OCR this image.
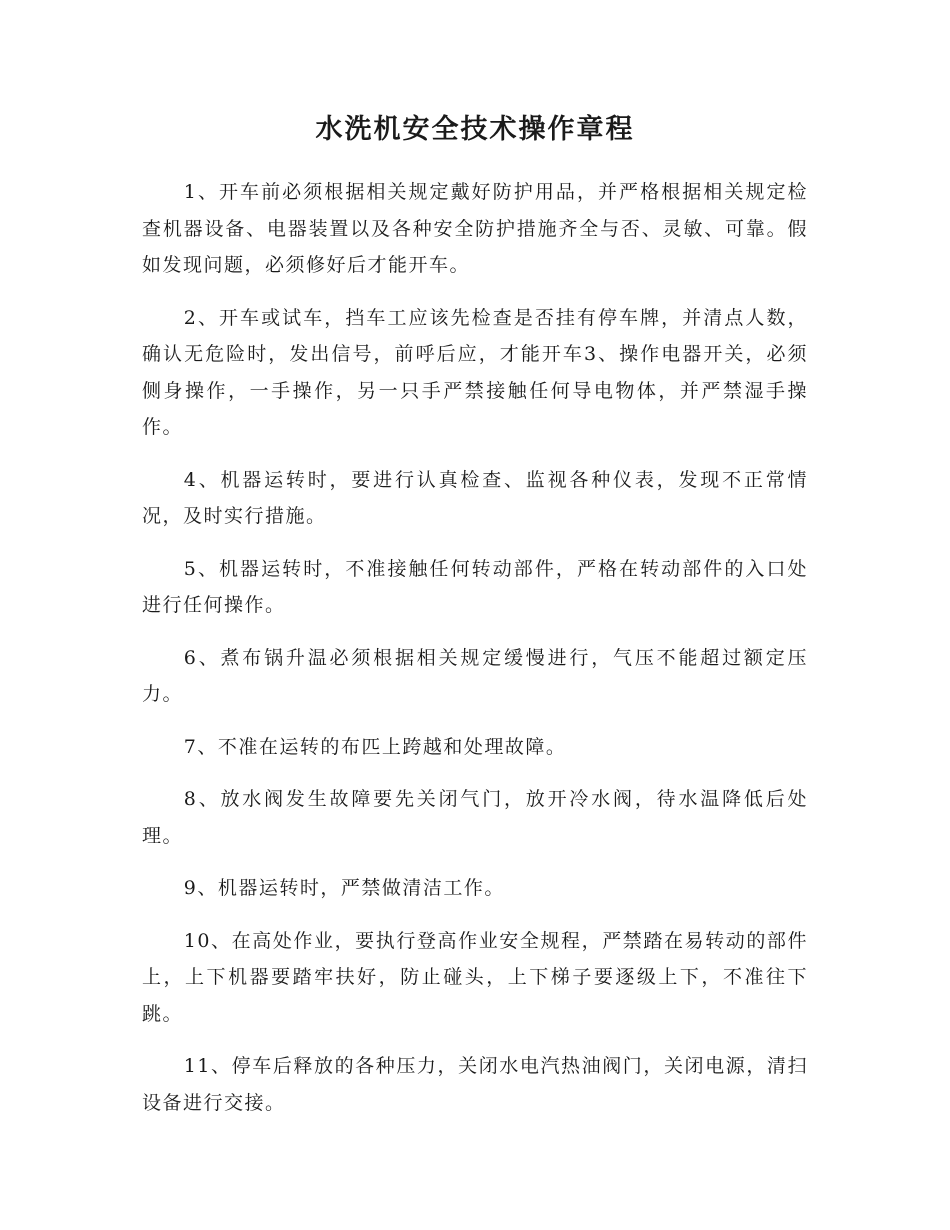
水洗机安全技术操作章程

1、开车前必须根据相关规定戴好防护用品，并严格根据相关规定检查机器设备、电器装置以及各种安全防护措施齐全与否、灵敏、可靠。假如发现问题，必须修好后才能开车。

2、开车或试车，挡车工应该先检查是否挂有停车牌，并清点人数，确认无危险时，发出信号，前呼后应，才能开车3、操作电器开关，必须侧身操作，一手操作，另一只手严禁接触任何导电物体，并严禁湿手操作。

4、机器运转时，要进行认真检查、监视各种仪表，发现不正常情况，及时实行措施。

5、机器运转时，不准接触任何转动部件，严格在转动部件的入口处进行任何操作。

6、煮布锅升温必须根据相关规定缓慢进行，气压不能超过额定压力。

7、不准在运转的布匹上跨越和处理故障。

8、放水阀发生故障要先关闭气门，放开冷水阀，待水温降低后处理。

9、机器运转时，严禁做清洁工作。

10、在高处作业，要执行登高作业安全规程，严禁踏在易转动的部件上，上下机器要踏牢扶好，防止碰头，上下梯子要逐级上下，不准往下跳。

11、停车后释放的各种压力，关闭水电汽热油阀门，关闭电源，清扫设备进行交接。
